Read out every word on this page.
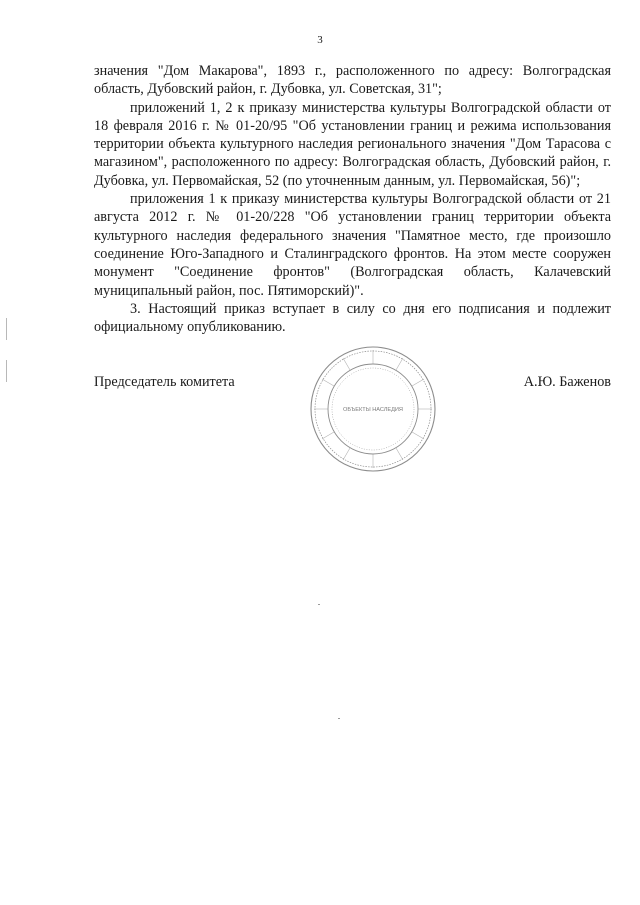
3

значения "Дом Макарова", 1893 г., расположенного по адресу: Волгоградская область, Дубовский район, г. Дубовка, ул. Советская, 31";

приложений 1, 2 к приказу министерства культуры Волгоградской области от 18 февраля 2016 г. № 01-20/95 "Об установлении границ и режима использования территории объекта культурного наследия регионального значения "Дом Тарасова с магазином", расположенного по адресу: Волгоградская область, Дубовский район, г. Дубовка, ул. Первомайская, 52 (по уточненным данным, ул. Первомайская, 56)";

приложения 1 к приказу министерства культуры Волгоградской области от 21 августа 2012 г. № 01-20/228 "Об установлении границ территории объекта культурного наследия федерального значения "Памятное место, где произошло соединение Юго-Западного и Сталинградского фронтов. На этом месте сооружен монумент "Соединение фронтов" (Волгоградская область, Калачевский муниципальный район, пос. Пятиморский)".

3. Настоящий приказ вступает в силу со дня его подписания и подлежит официальному опубликованию.

ОБЪЕКТЫ НАСЛЕДИЯ
Председатель комитета	А.Ю. Баженов
